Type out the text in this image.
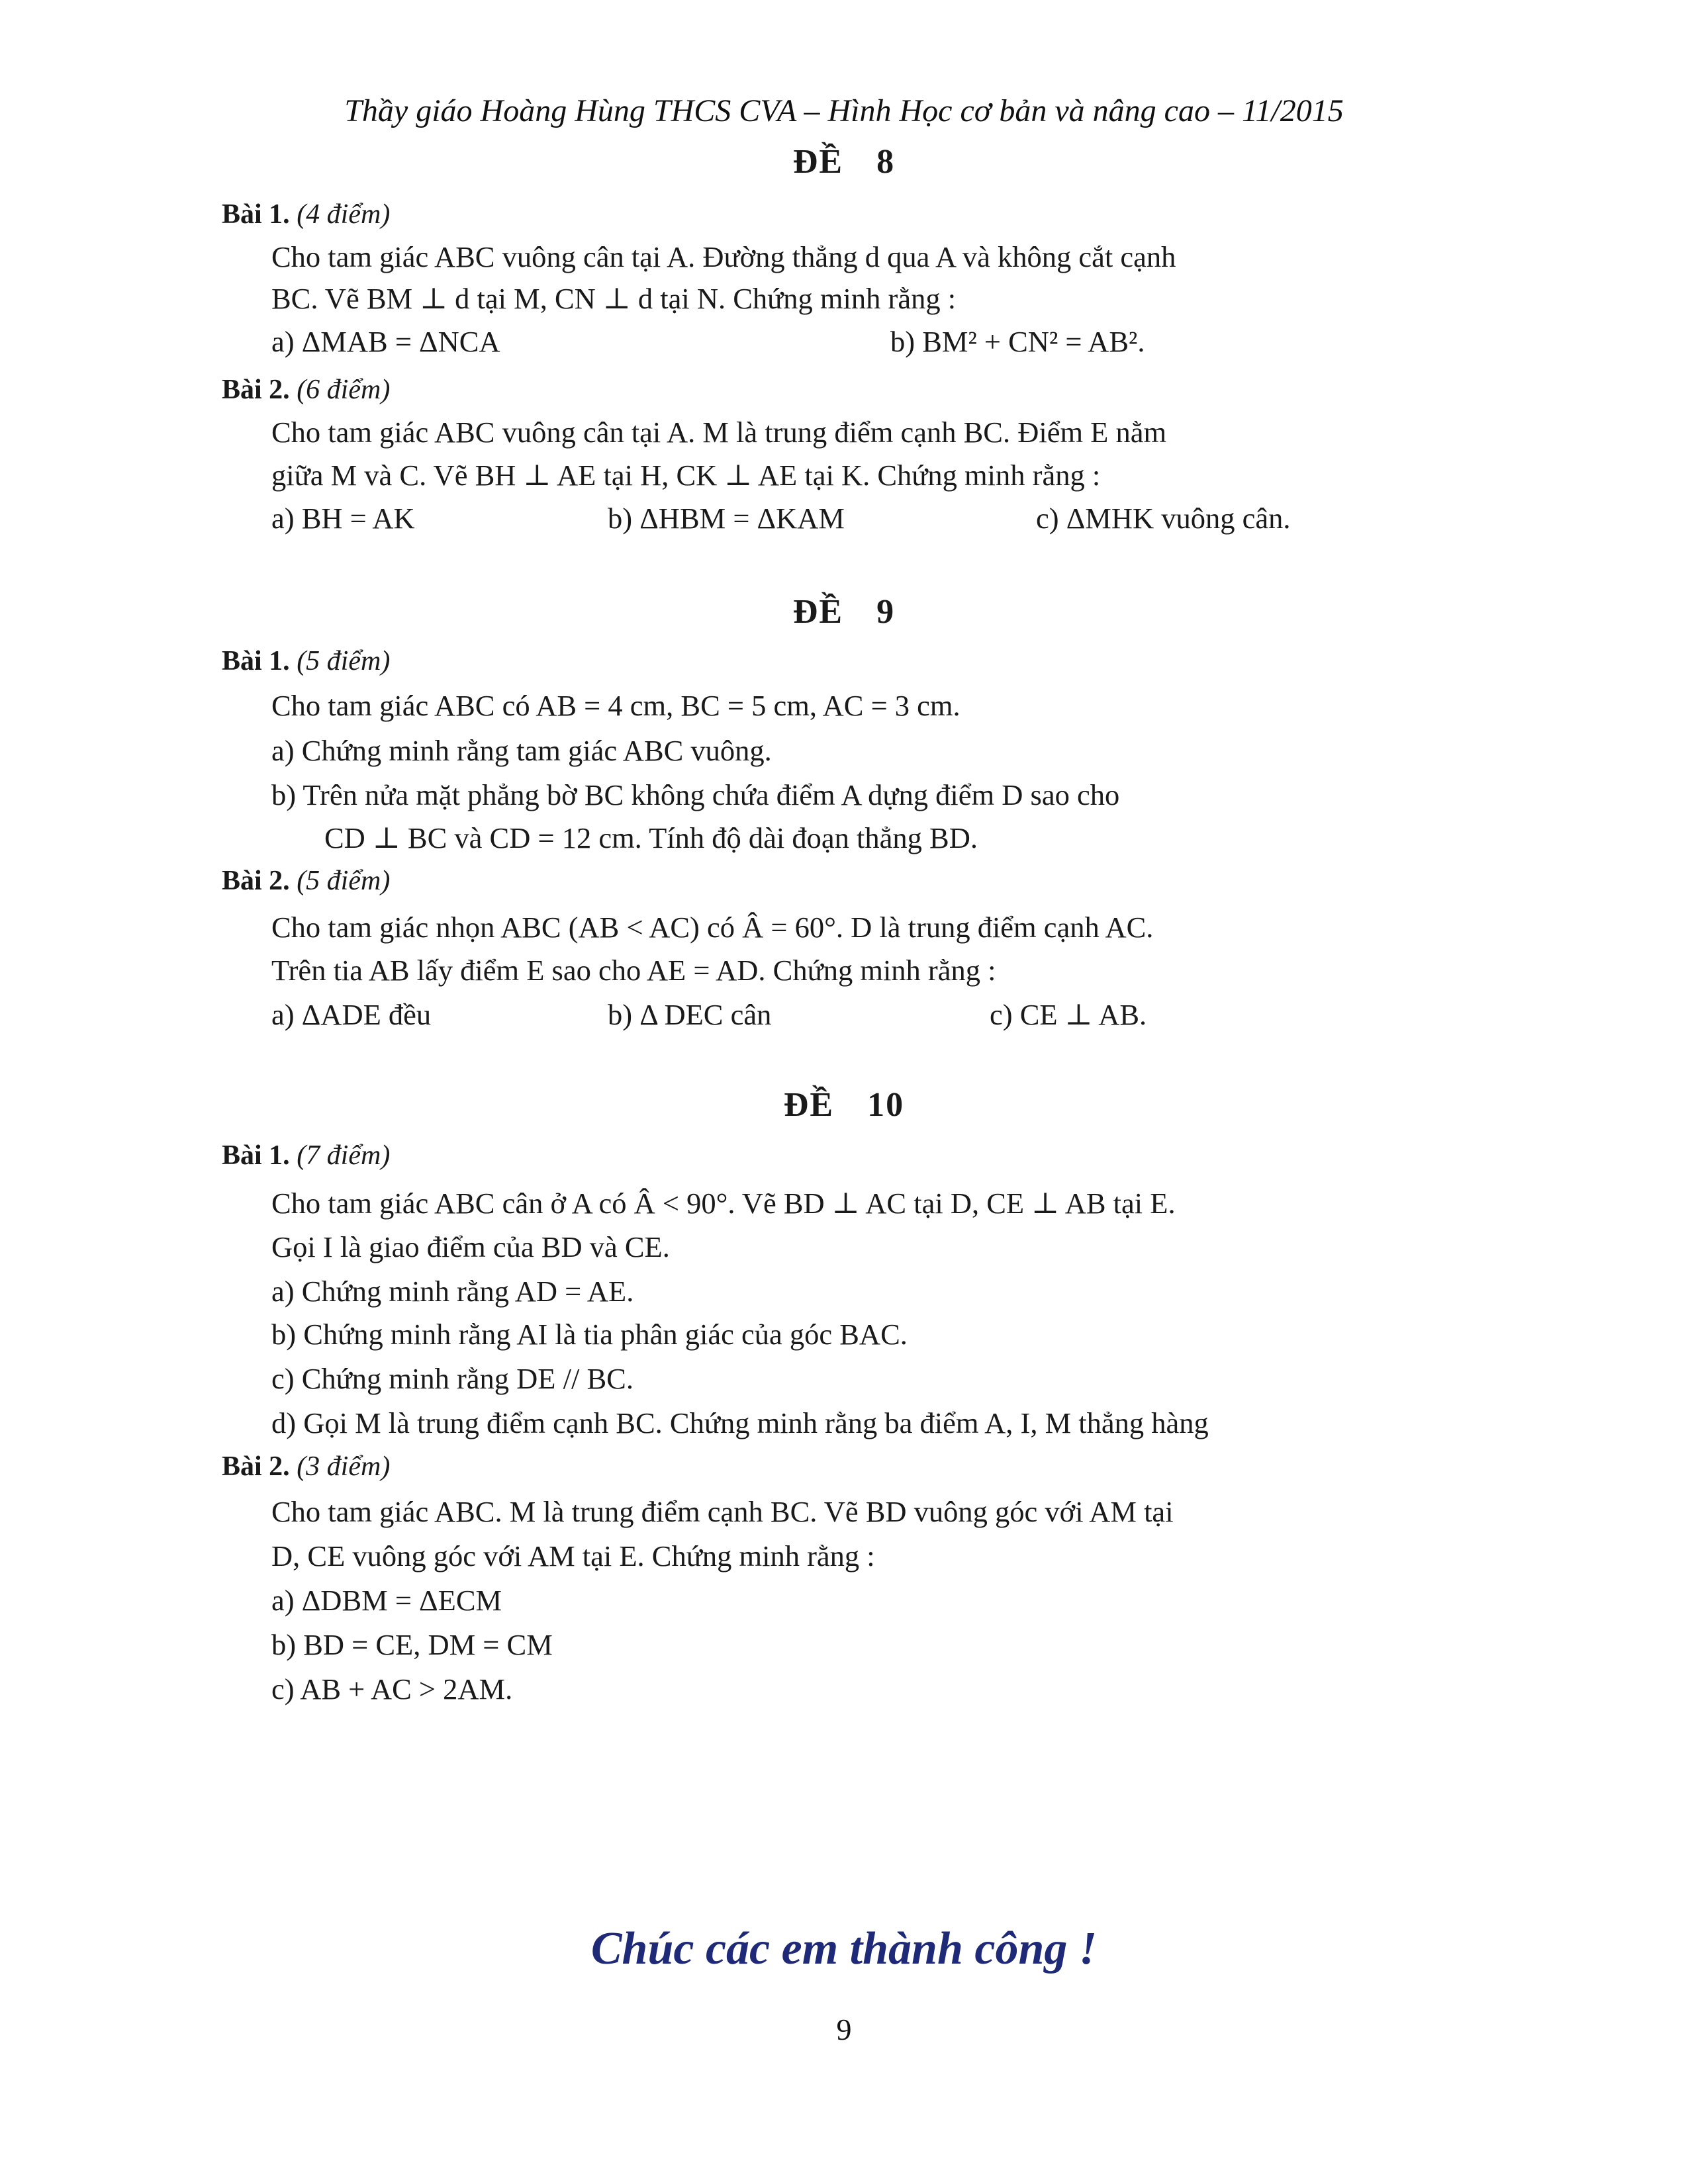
Thầy giáo Hoàng Hùng THCS CVA – Hình Học cơ bản và nâng cao – 11/2015
ĐỀ 8
Bài 1. (4 điểm)
Cho tam giác ABC vuông cân tại A. Đường thẳng d qua A và không cắt cạnh
BC. Vẽ BM ⊥ d tại M, CN ⊥ d tại N. Chứng minh rằng :
a) ΔMAB = ΔNCA	b) BM² + CN² = AB².
Bài 2. (6 điểm)
Cho tam giác ABC vuông cân tại A. M là trung điểm cạnh BC. Điểm E nằm
giữa M và C. Vẽ BH ⊥ AE tại H, CK ⊥ AE tại K. Chứng minh rằng :
a) BH = AK	b) ΔHBM = ΔKAM	c) ΔMHK vuông cân.
ĐỀ 9
Bài 1. (5 điểm)
Cho tam giác ABC có AB = 4 cm, BC = 5 cm, AC = 3 cm.
a) Chứng minh rằng tam giác ABC vuông.
b) Trên nửa mặt phẳng bờ BC không chứa điểm A dựng điểm D sao cho
CD ⊥ BC và CD = 12 cm. Tính độ dài đoạn thẳng BD.
Bài 2. (5 điểm)
Cho tam giác nhọn ABC (AB < AC) có Â = 60°. D là trung điểm cạnh AC.
Trên tia AB lấy điểm E sao cho AE = AD. Chứng minh rằng :
a) ΔADE đều	b) Δ DEC cân	c) CE ⊥ AB.
ĐỀ 10
Bài 1. (7 điểm)
Cho tam giác ABC cân ở A có Â < 90°. Vẽ BD ⊥ AC tại D, CE ⊥ AB tại E.
Gọi I là giao điểm của BD và CE.
a) Chứng minh rằng AD = AE.
b) Chứng minh rằng AI là tia phân giác của góc BAC.
c) Chứng minh rằng DE // BC.
d) Gọi M là trung điểm cạnh BC. Chứng minh rằng ba điểm A, I, M thẳng hàng
Bài 2. (3 điểm)
Cho tam giác ABC. M là trung điểm cạnh BC. Vẽ BD vuông góc với AM tại
D, CE vuông góc với AM tại E. Chứng minh rằng :
a) ΔDBM = ΔECM
b) BD = CE, DM = CM
c) AB + AC > 2AM.
Chúc các em thành công !
9
